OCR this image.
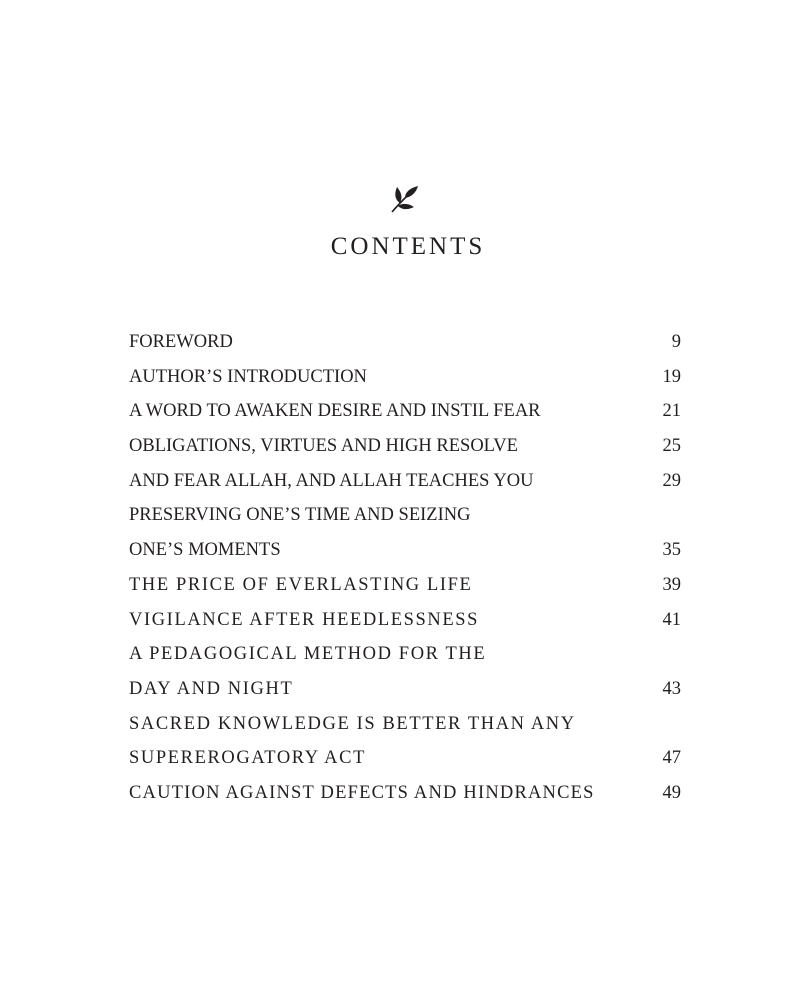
CONTENTS
FOREWORD	9
AUTHOR’S INTRODUCTION	19
A WORD TO AWAKEN DESIRE AND INSTIL FEAR	21
OBLIGATIONS, VIRTUES AND HIGH RESOLVE	25
AND FEAR ALLAH, AND ALLAH TEACHES YOU	29
PRESERVING ONE’S TIME AND SEIZING
ONE’S MOMENTS	35
THE PRICE OF EVERLASTING LIFE	39
VIGILANCE AFTER HEEDLESSNESS	41
A PEDAGOGICAL METHOD FOR THE
DAY AND NIGHT	43
SACRED KNOWLEDGE IS BETTER THAN ANY
SUPEREROGATORY ACT	47
CAUTION AGAINST DEFECTS AND HINDRANCES	49
